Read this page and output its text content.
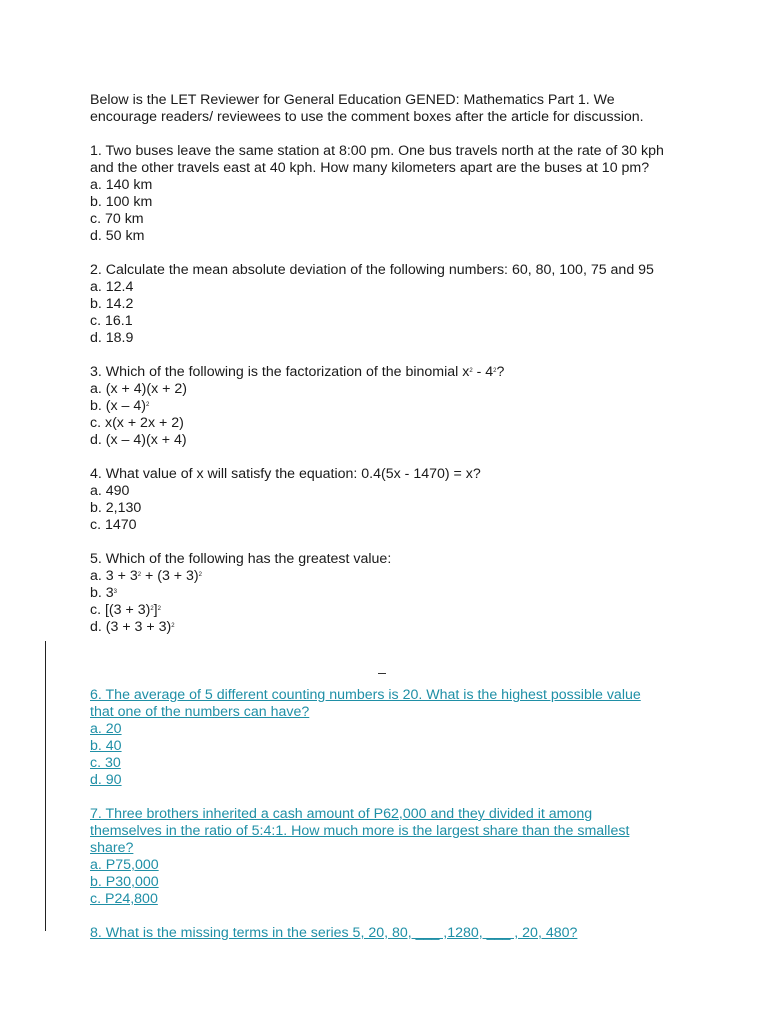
Below is the LET Reviewer for General Education GENED: Mathematics Part 1. We
encourage readers/ reviewees to use the comment boxes after the article for discussion.
1. Two buses leave the same station at 8:00 pm. One bus travels north at the rate of 30 kph
and the other travels east at 40 kph. How many kilometers apart are the buses at 10 pm?
a. 140 km
b. 100 km
c. 70 km
d. 50 km
2. Calculate the mean absolute deviation of the following numbers: 60, 80, 100, 75 and 95
a. 12.4
b. 14.2
c. 16.1
d. 18.9
3. Which of the following is the factorization of the binomial $x^2 - 4^2$?
a. (x + 4)(x + 2)
b. (x – 4)$^2$
c. x(x + 2x + 2)
d. (x – 4)(x + 4)
4. What value of x will satisfy the equation: 0.4(5x - 1470) = x?
a. 490
b. 2,130
c. 1470
5. Which of the following has the greatest value:
a. $3 + 3^2 + (3 + 3)^2$
b. $3^3$
c. $[(3 + 3)^2]^2$
d. $(3 + 3 + 3)^2$
6. The average of 5 different counting numbers is 20. What is the highest possible value
that one of the numbers can have?
a. 20
b. 40
c. 30
d. 90
7. Three brothers inherited a cash amount of P62,000 and they divided it among
themselves in the ratio of 5:4:1. How much more is the largest share than the smallest
share?
a. P75,000
b. P30,000
c. P24,800
8. What is the missing terms in the series 5, 20, 80, ___ ,1280, ___ , 20, 480?
